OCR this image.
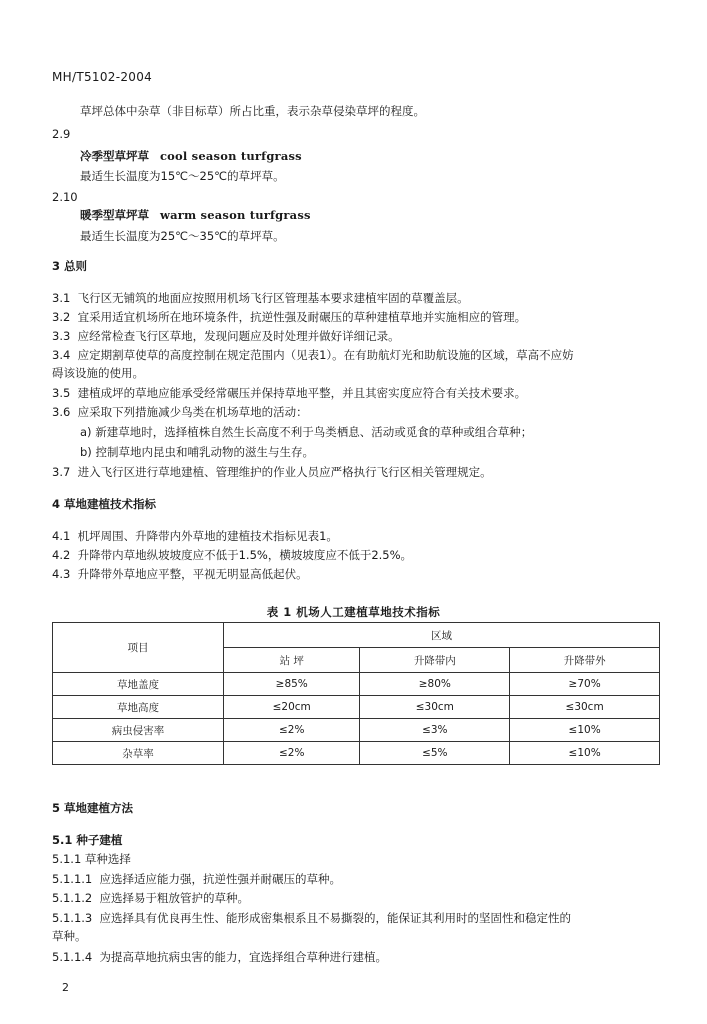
MH/T5102-2004
草坪总体中杂草（非目标草）所占比重，表示杂草侵染草坪的程度。
2.9
冷季型草坪草 cool season turfgrass
最适生长温度为15℃～25℃的草坪草。
2.10
暖季型草坪草 warm season turfgrass
最适生长温度为25℃～35℃的草坪草。
3 总则
3.1 飞行区无铺筑的地面应按照用机场飞行区管理基本要求建植牢固的草覆盖层。
3.2 宜采用适宜机场所在地环境条件，抗逆性强及耐碾压的草种建植草地并实施相应的管理。
3.3 应经常检查飞行区草地，发现问题应及时处理并做好详细记录。
3.4 应定期割草使草的高度控制在规定范围内（见表1）。在有助航灯光和助航设施的区域，草高不应妨
碍该设施的使用。
3.5 建植成坪的草地应能承受经常碾压并保持草地平整，并且其密实度应符合有关技术要求。
3.6 应采取下列措施减少鸟类在机场草地的活动：
a) 新建草地时，选择植株自然生长高度不利于鸟类栖息、活动或觅食的草种或组合草种；
b) 控制草地内昆虫和哺乳动物的滋生与生存。
3.7 进入飞行区进行草地建植、管理维护的作业人员应严格执行飞行区相关管理规定。
4 草地建植技术指标
4.1 机坪周围、升降带内外草地的建植技术指标见表1。
4.2 升降带内草地纵坡坡度应不低于1.5%，横坡坡度应不低于2.5%。
4.3 升降带外草地应平整，平视无明显高低起伏。
表 1 机场人工建植草地技术指标
项目	区域		
	站 坪	升降带内	升降带外
草地盖度	≥85%	≥80%	≥70%
草地高度	≤20cm	≤30cm	≤30cm
病虫侵害率	≤2%	≤3%	≤10%
杂草率	≤2%	≤5%	≤10%
5 草地建植方法
5.1 种子建植
5.1.1 草种选择
5.1.1.1 应选择适应能力强，抗逆性强并耐碾压的草种。
5.1.1.2 应选择易于粗放管护的草种。
5.1.1.3 应选择具有优良再生性、能形成密集根系且不易撕裂的，能保证其利用时的坚固性和稳定性的
草种。
5.1.1.4 为提高草地抗病虫害的能力，宜选择组合草种进行建植。
2
